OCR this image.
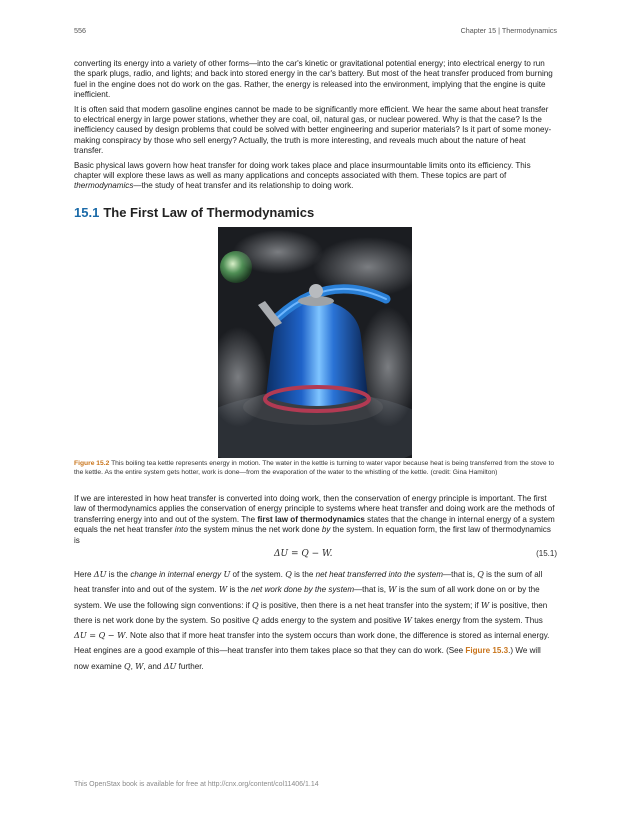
556	Chapter 15 | Thermodynamics

converting its energy into a variety of other forms—into the car's kinetic or gravitational potential energy; into electrical energy to run the spark plugs, radio, and lights; and back into stored energy in the car's battery. But most of the heat transfer produced from burning fuel in the engine does not do work on the gas. Rather, the energy is released into the environment, implying that the engine is quite inefficient.

It is often said that modern gasoline engines cannot be made to be significantly more efficient. We hear the same about heat transfer to electrical energy in large power stations, whether they are coal, oil, natural gas, or nuclear powered. Why is that the case? Is the inefficiency caused by design problems that could be solved with better engineering and superior materials? Is it part of some money-making conspiracy by those who sell energy? Actually, the truth is more interesting, and reveals much about the nature of heat transfer.

Basic physical laws govern how heat transfer for doing work takes place and place insurmountable limits onto its efficiency. This chapter will explore these laws as well as many applications and concepts associated with them. These topics are part of thermodynamics—the study of heat transfer and its relationship to doing work.

15.1 The First Law of Thermodynamics
Figure 15.2 This boiling tea kettle represents energy in motion. The water in the kettle is turning to water vapor because heat is being transferred from the stove to the kettle. As the entire system gets hotter, work is done—from the evaporation of the water to the whistling of the kettle. (credit: Gina Hamilton)

If we are interested in how heat transfer is converted into doing work, then the conservation of energy principle is important. The first law of thermodynamics applies the conservation of energy principle to systems where heat transfer and doing work are the methods of transferring energy into and out of the system. The first law of thermodynamics states that the change in internal energy of a system equals the net heat transfer into the system minus the net work done by the system. In equation form, the first law of thermodynamics is

ΔU = Q − W.	(15.1)

Here ΔU is the change in internal energy U of the system. Q is the net heat transferred into the system—that is, Q is the sum of all heat transfer into and out of the system. W is the net work done by the system—that is, W is the sum of all work done on or by the system. We use the following sign conventions: if Q is positive, then there is a net heat transfer into the system; if W is positive, then there is net work done by the system. So positive Q adds energy to the system and positive W takes energy from the system. Thus ΔU = Q − W. Note also that if more heat transfer into the system occurs than work done, the difference is stored as internal energy. Heat engines are a good example of this—heat transfer into them takes place so that they can do work. (See Figure 15.3.) We will now examine Q, W, and ΔU further.

This OpenStax book is available for free at http://cnx.org/content/col11406/1.14
